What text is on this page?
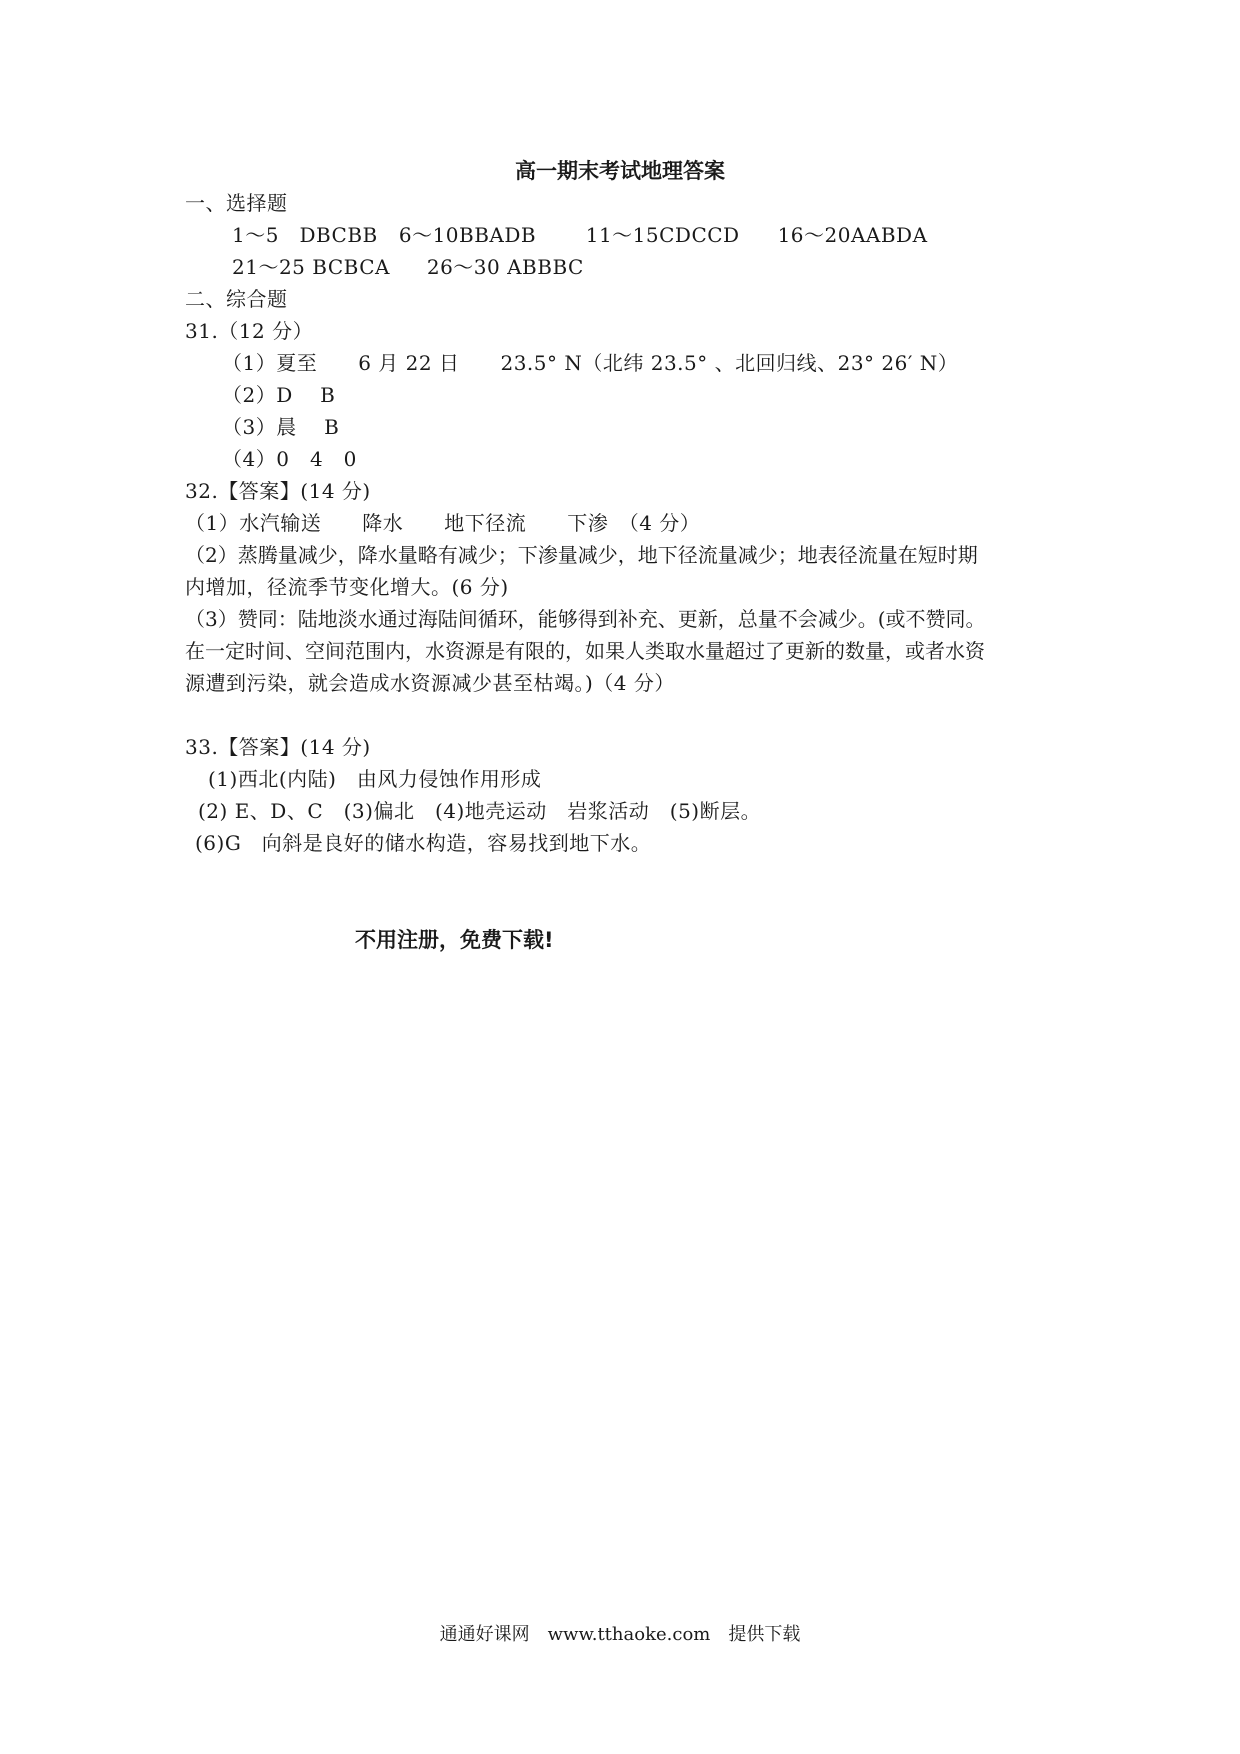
高一期末考试地理答案
一、选择题
1～5　DBCBB 6～10BBADB 11～15CDCCD 16～20AABDA
21～25 BCBCA 26～30 ABBBC
二、综合题
31.（12 分）
（1）夏至　　6 月 22 日　　23.5° N（北纬 23.5° 、北回归线、23° 26′ N）
（2）D　 B
（3）晨　 B
（4）0　4　0
32.【答案】(14 分)
（1）水汽输送　　降水　　地下径流　　下渗　（4 分）
（2）蒸腾量减少，降水量略有减少；下渗量减少，地下径流量减少；地表径流量在短时期
内增加，径流季节变化增大。(6 分)
（3）赞同：陆地淡水通过海陆间循环，能够得到补充、更新，总量不会减少。(或不赞同。
在一定时间、空间范围内，水资源是有限的，如果人类取水量超过了更新的数量，或者水资
源遭到污染，就会造成水资源减少甚至枯竭。)（4 分）
33.【答案】(14 分)
(1)西北(内陆)　由风力侵蚀作用形成
(2) E、D、C　(3)偏北　(4)地壳运动　岩浆活动　(5)断层。
(6)G　向斜是良好的储水构造，容易找到地下水。
不用注册，免费下载!
通通好课网　www.tthaoke.com　提供下载
